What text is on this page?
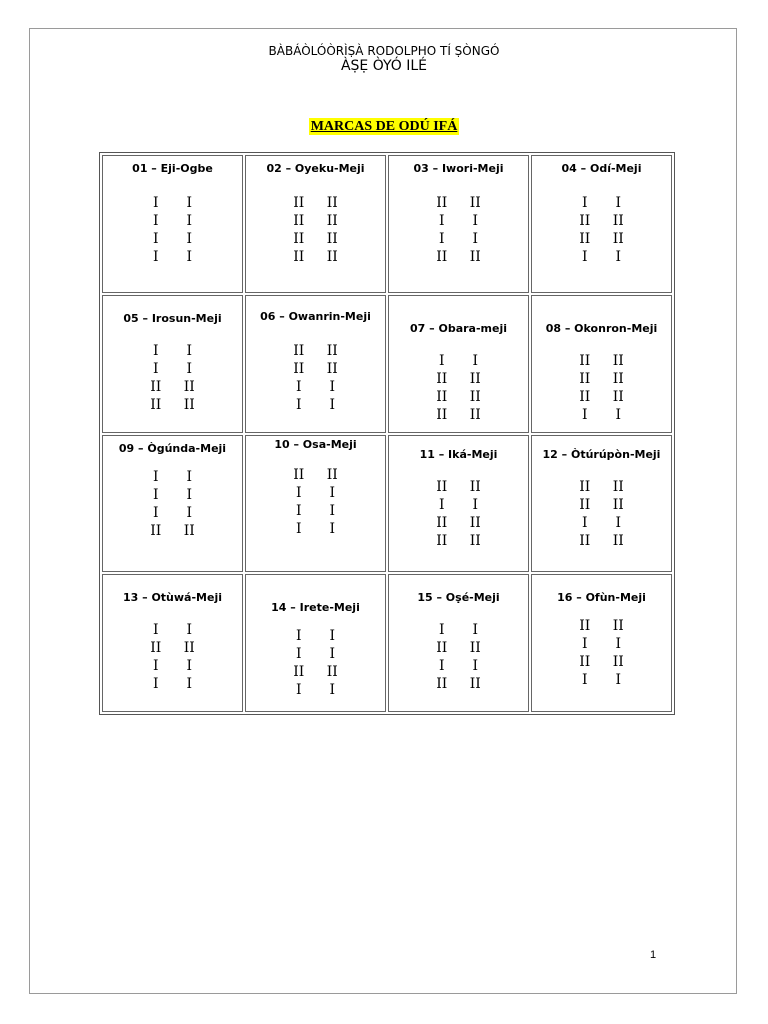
BÀBÁÒLÓÒRÌṢÀ RODOLPHO TÍ ṢÒNGÓ
ÀṢẸ ÒYÓ ILÉ
MARCAS DE ODÚ IFÁ
01 – Eji-Ogbe
I	I
I	I
I	I
I	I
02 – Oyeku-Meji
II	II
II	II
II	II
II	II
03 – Iwori-Meji
II	II
I	I
I	I
II	II
04 – Odí-Meji
I	I
II	II
II	II
I	I
05 – Irosun-Meji
I	I
I	I
II	II
II	II
06 – Owanrin-Meji
II	II
II	II
I	I
I	I
07 – Obara-meji
I	I
II	II
II	II
II	II
08 – Okonron-Meji
II	II
II	II
II	II
I	I
09 – Ògúnda-Meji
I	I
I	I
I	I
II	II
10 – Osa-Meji
II	II
I	I
I	I
I	I
11 – Iká-Meji
II	II
I	I
II	II
II	II
12 – Òtúrúpòn-Meji
II	II
II	II
I	I
II	II
13 – Otùwá-Meji
I	I
II	II
I	I
I	I
14 – Irete-Meji
I	I
I	I
II	II
I	I
15 – Oṣé-Meji
I	I
II	II
I	I
II	II
16 – Ofùn-Meji
II	II
I	I
II	II
I	I
1
